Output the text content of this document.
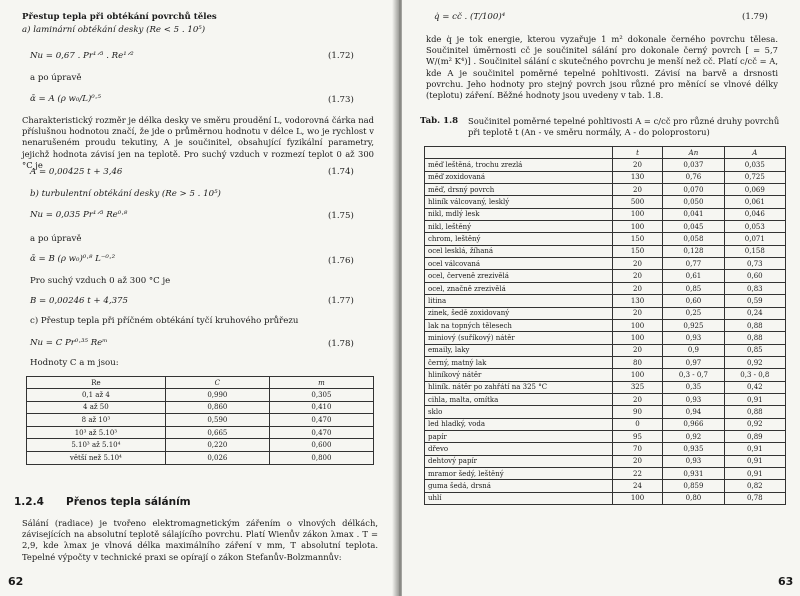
Přestup tepla při obtékání povrchů těles
a) laminární obtékání desky (Re < 5 . 10⁵)
Nu = 0,67 . Pr¹ᐟ³ . Re¹ᐟ²	(1.72)
a po úpravě
ᾱ = A (ρ w₀/L)⁰·⁵	(1.73)
Charakteristický rozměr je délka desky ve směru proudění L, vodorovná čárka nad příslušnou hodnotou značí, že jde o průměrnou hodnotu v délce L, wo je rychlost v nenarušeném proudu tekutiny, A je součinitel, obsahující fyzikální parametry, jejichž hodnota závisí jen na teplotě. Pro suchý vzduch v rozmezí teplot 0 až 300 °C je
A = 0,00425 t + 3,46	(1.74)
b) turbulentní obtékání desky (Re > 5 . 10⁵)
Nu = 0,035 Pr¹ᐟ³ Re⁰·⁸	(1.75)
a po úpravě
ᾱ = B (ρ w₀)⁰·⁸ L⁻⁰·²	(1.76)
Pro suchý vzduch 0 až 300 °C je
B = 0,00246 t + 4,375	(1.77)
c) Přestup tepla při příčném obtékání tyčí kruhového průřezu
Nu = C Pr⁰·³⁵ Reᵐ	(1.78)
Hodnoty C a m jsou:
Re	C	m
0,1 až 4	0,990	0,305
4 až 50	0,860	0,410
8 až 10³	0,590	0,470
10³ až 5.10³	0,665	0,470
5.10³ až 5.10⁴	0,220	0,600
větší než 5.10⁴	0,026	0,800
1.2.4 Přenos tepla sáláním
Sálání (radiace) je tvořeno elektromagnetickým zářením o vlnových délkách, závisejících na absolutní teplotě sálajícího povrchu. Platí Wienův zákon λmax . T = 2,9, kde λmax je vlnová délka maximálního záření v mm, T absolutní teplota. Tepelné výpočty v technické praxi se opírají o zákon Stefanův-Bolzmannův:
62
q̇ = cč . (T/100)⁴	(1.79)
kde q̇ je tok energie, kterou vyzařuje 1 m² dokonale černého povrchu tělesa. Součinitel úměrnosti cč je součinitel sálání pro dokonale černý povrch [ = 5,7 W/(m² K⁴)] . Součinitel sálání c skutečného povrchu je menší než cč. Platí c/cč = A, kde A je součinitel poměrné tepelné pohltivosti. Závisí na barvě a drsnosti povrchu. Jeho hodnoty pro stejný povrch jsou různé pro měnící se vlnové délky (teplotu) záření. Běžné hodnoty jsou uvedeny v tab. 1.8.
Tab. 1.8 Součinitel poměrné tepelné pohltivosti A = c/cč pro různé druhy povrchů při teplotě t (An - ve směru normály, A - do poloprostoru)
	t	An	A
měď leštěná, trochu zrezlá	20	0,037	0,035
měď zoxidovaná	130	0,76	0,725
měď, drsný povrch	20	0,070	0,069
hliník válcovaný, lesklý	500	0,050	0,061
nikl, mdlý lesk	100	0,041	0,046
nikl, leštěný	100	0,045	0,053
chrom, leštěný	150	0,058	0,071
ocel lesklá, žíhaná	150	0,128	0,158
ocel válcovaná	20	0,77	0,73
ocel, červeně zrezivělá	20	0,61	0,60
ocel, značně zrezivělá	20	0,85	0,83
litina	130	0,60	0,59
zinek, šedě zoxidovaný	20	0,25	0,24
lak na topných tělesech	100	0,925	0,88
miniový (suříkový) nátěr	100	0,93	0,88
emaily, laky	20	0,9	0,85
černý, matný lak	80	0,97	0,92
hliníkový nátěr	100	0,3 - 0,7	0,3 - 0,8
hliník. nátěr po zahřátí na 325 °C	325	0,35	0,42
cihla, malta, omítka	20	0,93	0,91
sklo	90	0,94	0,88
led hladký, voda	0	0,966	0,92
papír	95	0,92	0,89
dřevo	70	0,935	0,91
dehtový papír	20	0,93	0,91
mramor šedý, leštěný	22	0,931	0,91
guma šedá, drsná	24	0,859	0,82
uhlí	100	0,80	0,78
63
